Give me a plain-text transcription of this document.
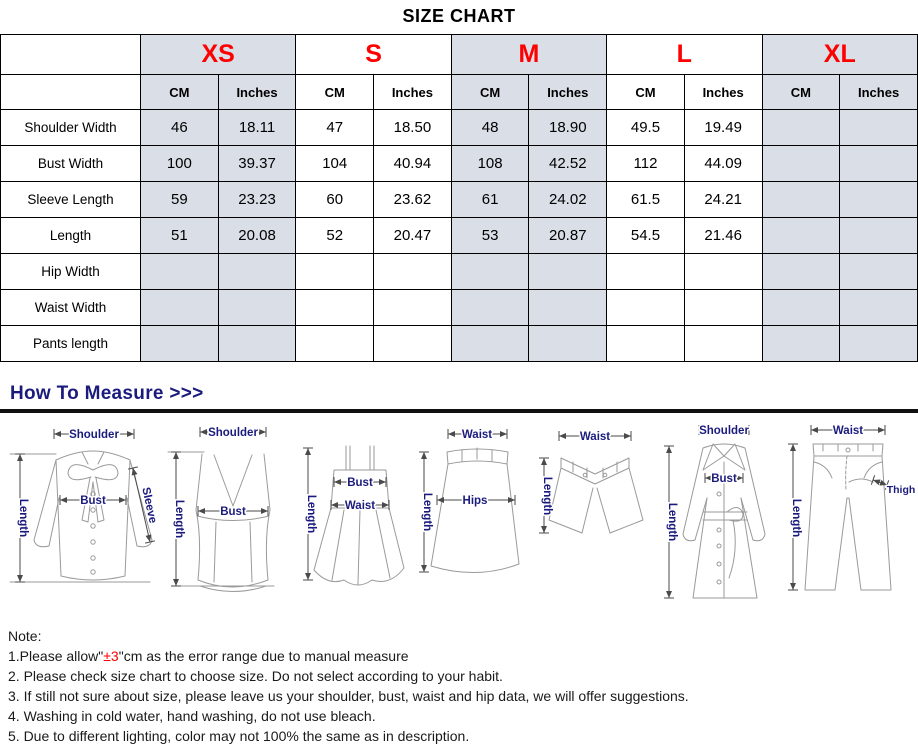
SIZE CHART
	XS		S		M		L		XL	
	CM	Inches	CM	Inches	CM	Inches	CM	Inches	CM	Inches
Shoulder Width	46	18.11	47	18.50	48	18.90	49.5	19.49		
Bust Width	100	39.37	104	40.94	108	42.52	112	44.09		
Sleeve Length	59	23.23	60	23.62	61	24.02	61.5	24.21		
Length	51	20.08	52	20.47	53	20.87	54.5	21.46		
Hip Width										
Waist Width										
Pants length										
How To Measure >>>
Shoulder
Length	Bust	Sleeve
Shoulder
Length	Bust	Length
Bust
Waist
Waist
Hips
Length
Waist
Length
Shoulder
Bust
Length
Waist
Length
Thigh
Note:
1.Please allow"±3"cm as the error range due to manual measure
2. Please check size chart to choose size. Do not select according to your habit.
3. If still not sure about size, please leave us your shoulder, bust, waist and hip data, we will offer suggestions.
4. Washing in cold water, hand washing, do not use bleach.
5. Due to different lighting, color may not 100% the same as in description.
